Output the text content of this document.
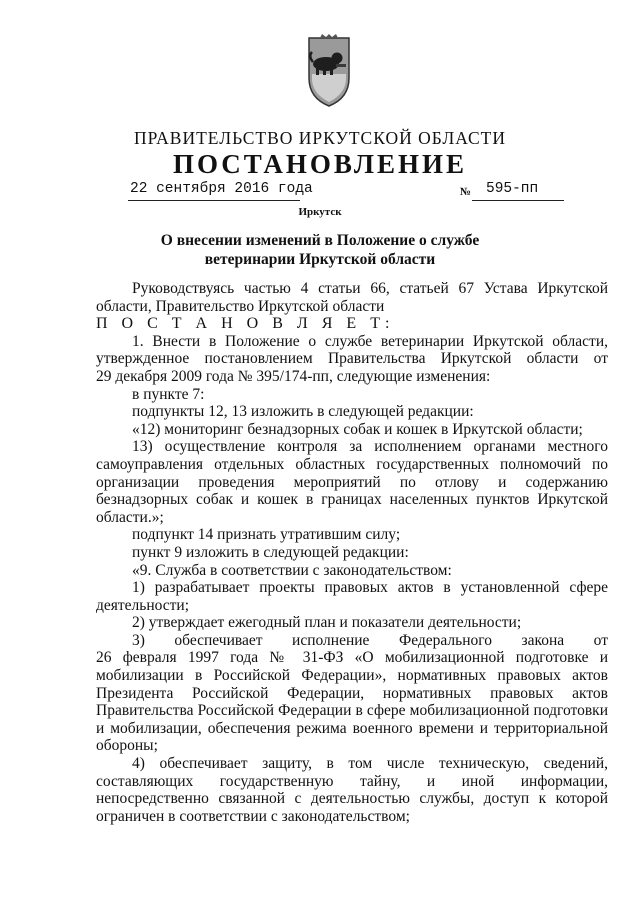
ПРАВИТЕЛЬСТВО ИРКУТСКОЙ ОБЛАСТИ
ПОСТАНОВЛЕНИЕ
22 сентября 2016 года	№ 595-пп
Иркутск
О внесении изменений в Положение о службе
ветеринарии Иркутской области

Руководствуясь частью 4 статьи 66, статьей 67 Устава Иркутской

области, Правительство Иркутской области

П О С Т А Н О В Л Я Е Т:

1. Внести в Положение о службе ветеринарии Иркутской области,

утвержденное постановлением Правительства Иркутской области от

29 декабря 2009 года № 395/174-пп, следующие изменения:

в пункте 7:

подпункты 12, 13 изложить в следующей редакции:

«12) мониторинг безнадзорных собак и кошек в Иркутской области;

13) осуществление контроля за исполнением органами местного

самоуправления отдельных областных государственных полномочий по

организации проведения мероприятий по отлову и содержанию

безнадзорных собак и кошек в границах населенных пунктов Иркутской

области.»;

подпункт 14 признать утратившим силу;

пункт 9 изложить в следующей редакции:

«9. Служба в соответствии с законодательством:

1) разрабатывает проекты правовых актов в установленной сфере

деятельности;

2) утверждает ежегодный план и показатели деятельности;

3) обеспечивает исполнение Федерального закона от

26 февраля 1997 года № 31-ФЗ «О мобилизационной подготовке и

мобилизации в Российской Федерации», нормативных правовых актов

Президента Российской Федерации, нормативных правовых актов

Правительства Российской Федерации в сфере мобилизационной подготовки

и мобилизации, обеспечения режима военного времени и территориальной

обороны;

4) обеспечивает защиту, в том числе техническую, сведений,

составляющих государственную тайну, и иной информации,

непосредственно связанной с деятельностью службы, доступ к которой

ограничен в соответствии с законодательством;
